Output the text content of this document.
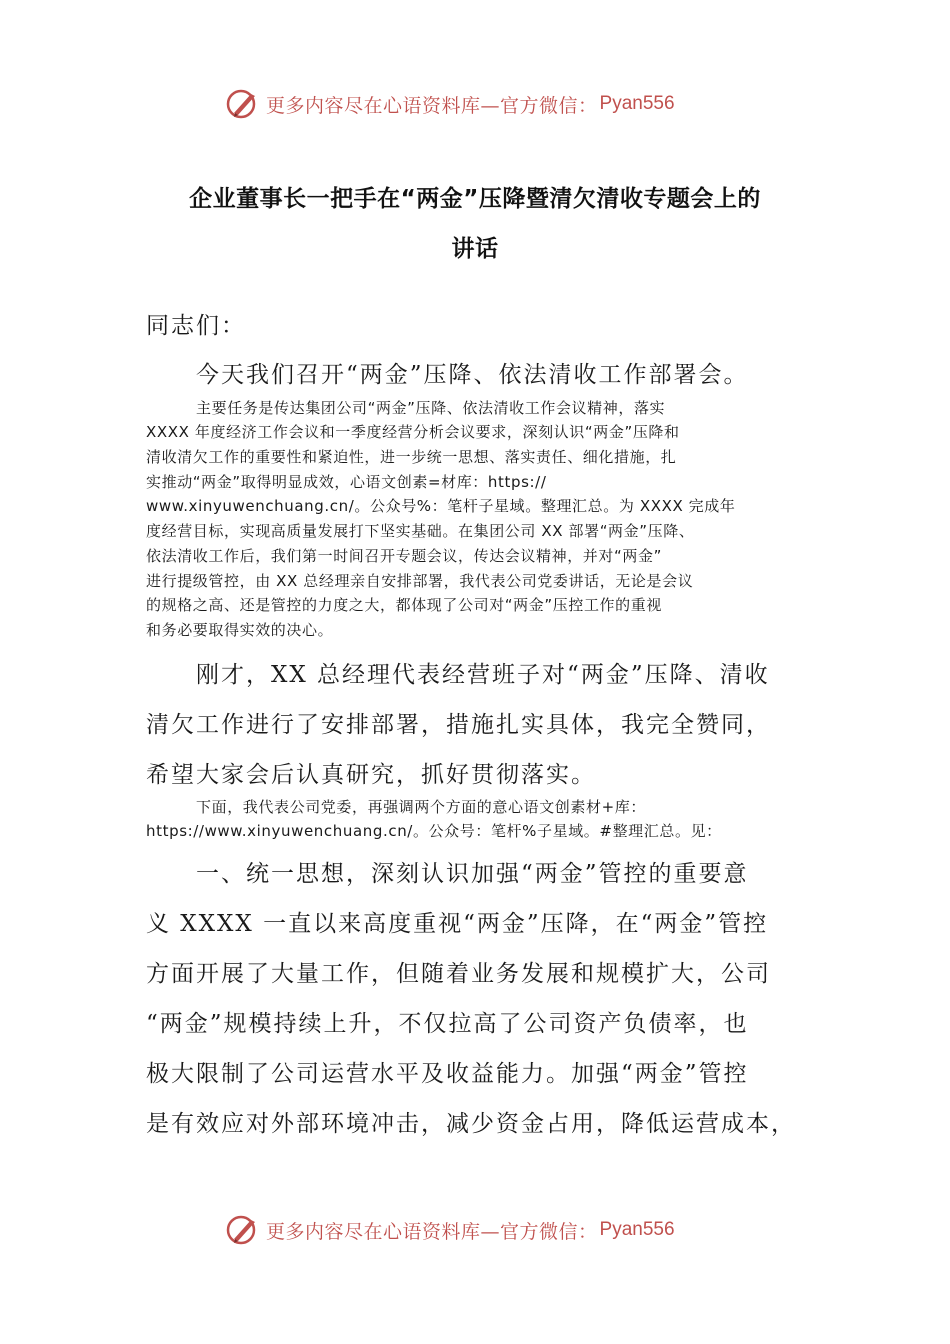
更多内容尽在心语资料库—官方微信： Pyan556
企业董事长一把手在“两金”压降暨清欠清收专题会上的
讲话
同志们：
今天我们召开“两金”压降、依法清收工作部署会。
主要任务是传达集团公司“两金”压降、依法清收工作会议精神，落实
XXXX 年度经济工作会议和一季度经营分析会议要求，深刻认识“两金”压降和
清收清欠工作的重要性和紧迫性，进一步统一思想、落实责任、细化措施，扎
实推动“两金”取得明显成效，心语文创素=材库：https://
www.xinyuwenchuang.cn/。公众号%：笔杆子星域。整理汇总。为 XXXX 完成年
度经营目标，实现高质量发展打下坚实基础。在集团公司 XX 部署“两金”压降、
依法清收工作后，我们第一时间召开专题会议，传达会议精神，并对“两金”
进行提级管控，由 XX 总经理亲自安排部署，我代表公司党委讲话，无论是会议
的规格之高、还是管控的力度之大，都体现了公司对“两金”压控工作的重视
和务必要取得实效的决心。
刚才，XX 总经理代表经营班子对“两金”压降、清收
清欠工作进行了安排部署，措施扎实具体，我完全赞同，
希望大家会后认真研究，抓好贯彻落实。
下面，我代表公司党委，再强调两个方面的意心语文创素材+库：
https://www.xinyuwenchuang.cn/。公众号：笔杆%子星域。#整理汇总。见：
一、统一思想，深刻认识加强“两金”管控的重要意
义 XXXX 一直以来高度重视“两金”压降，在“两金”管控
方面开展了大量工作，但随着业务发展和规模扩大，公司
“两金”规模持续上升，不仅拉高了公司资产负债率，也
极大限制了公司运营水平及收益能力。加强“两金”管控
是有效应对外部环境冲击，减少资金占用，降低运营成本，
更多内容尽在心语资料库—官方微信： Pyan556
